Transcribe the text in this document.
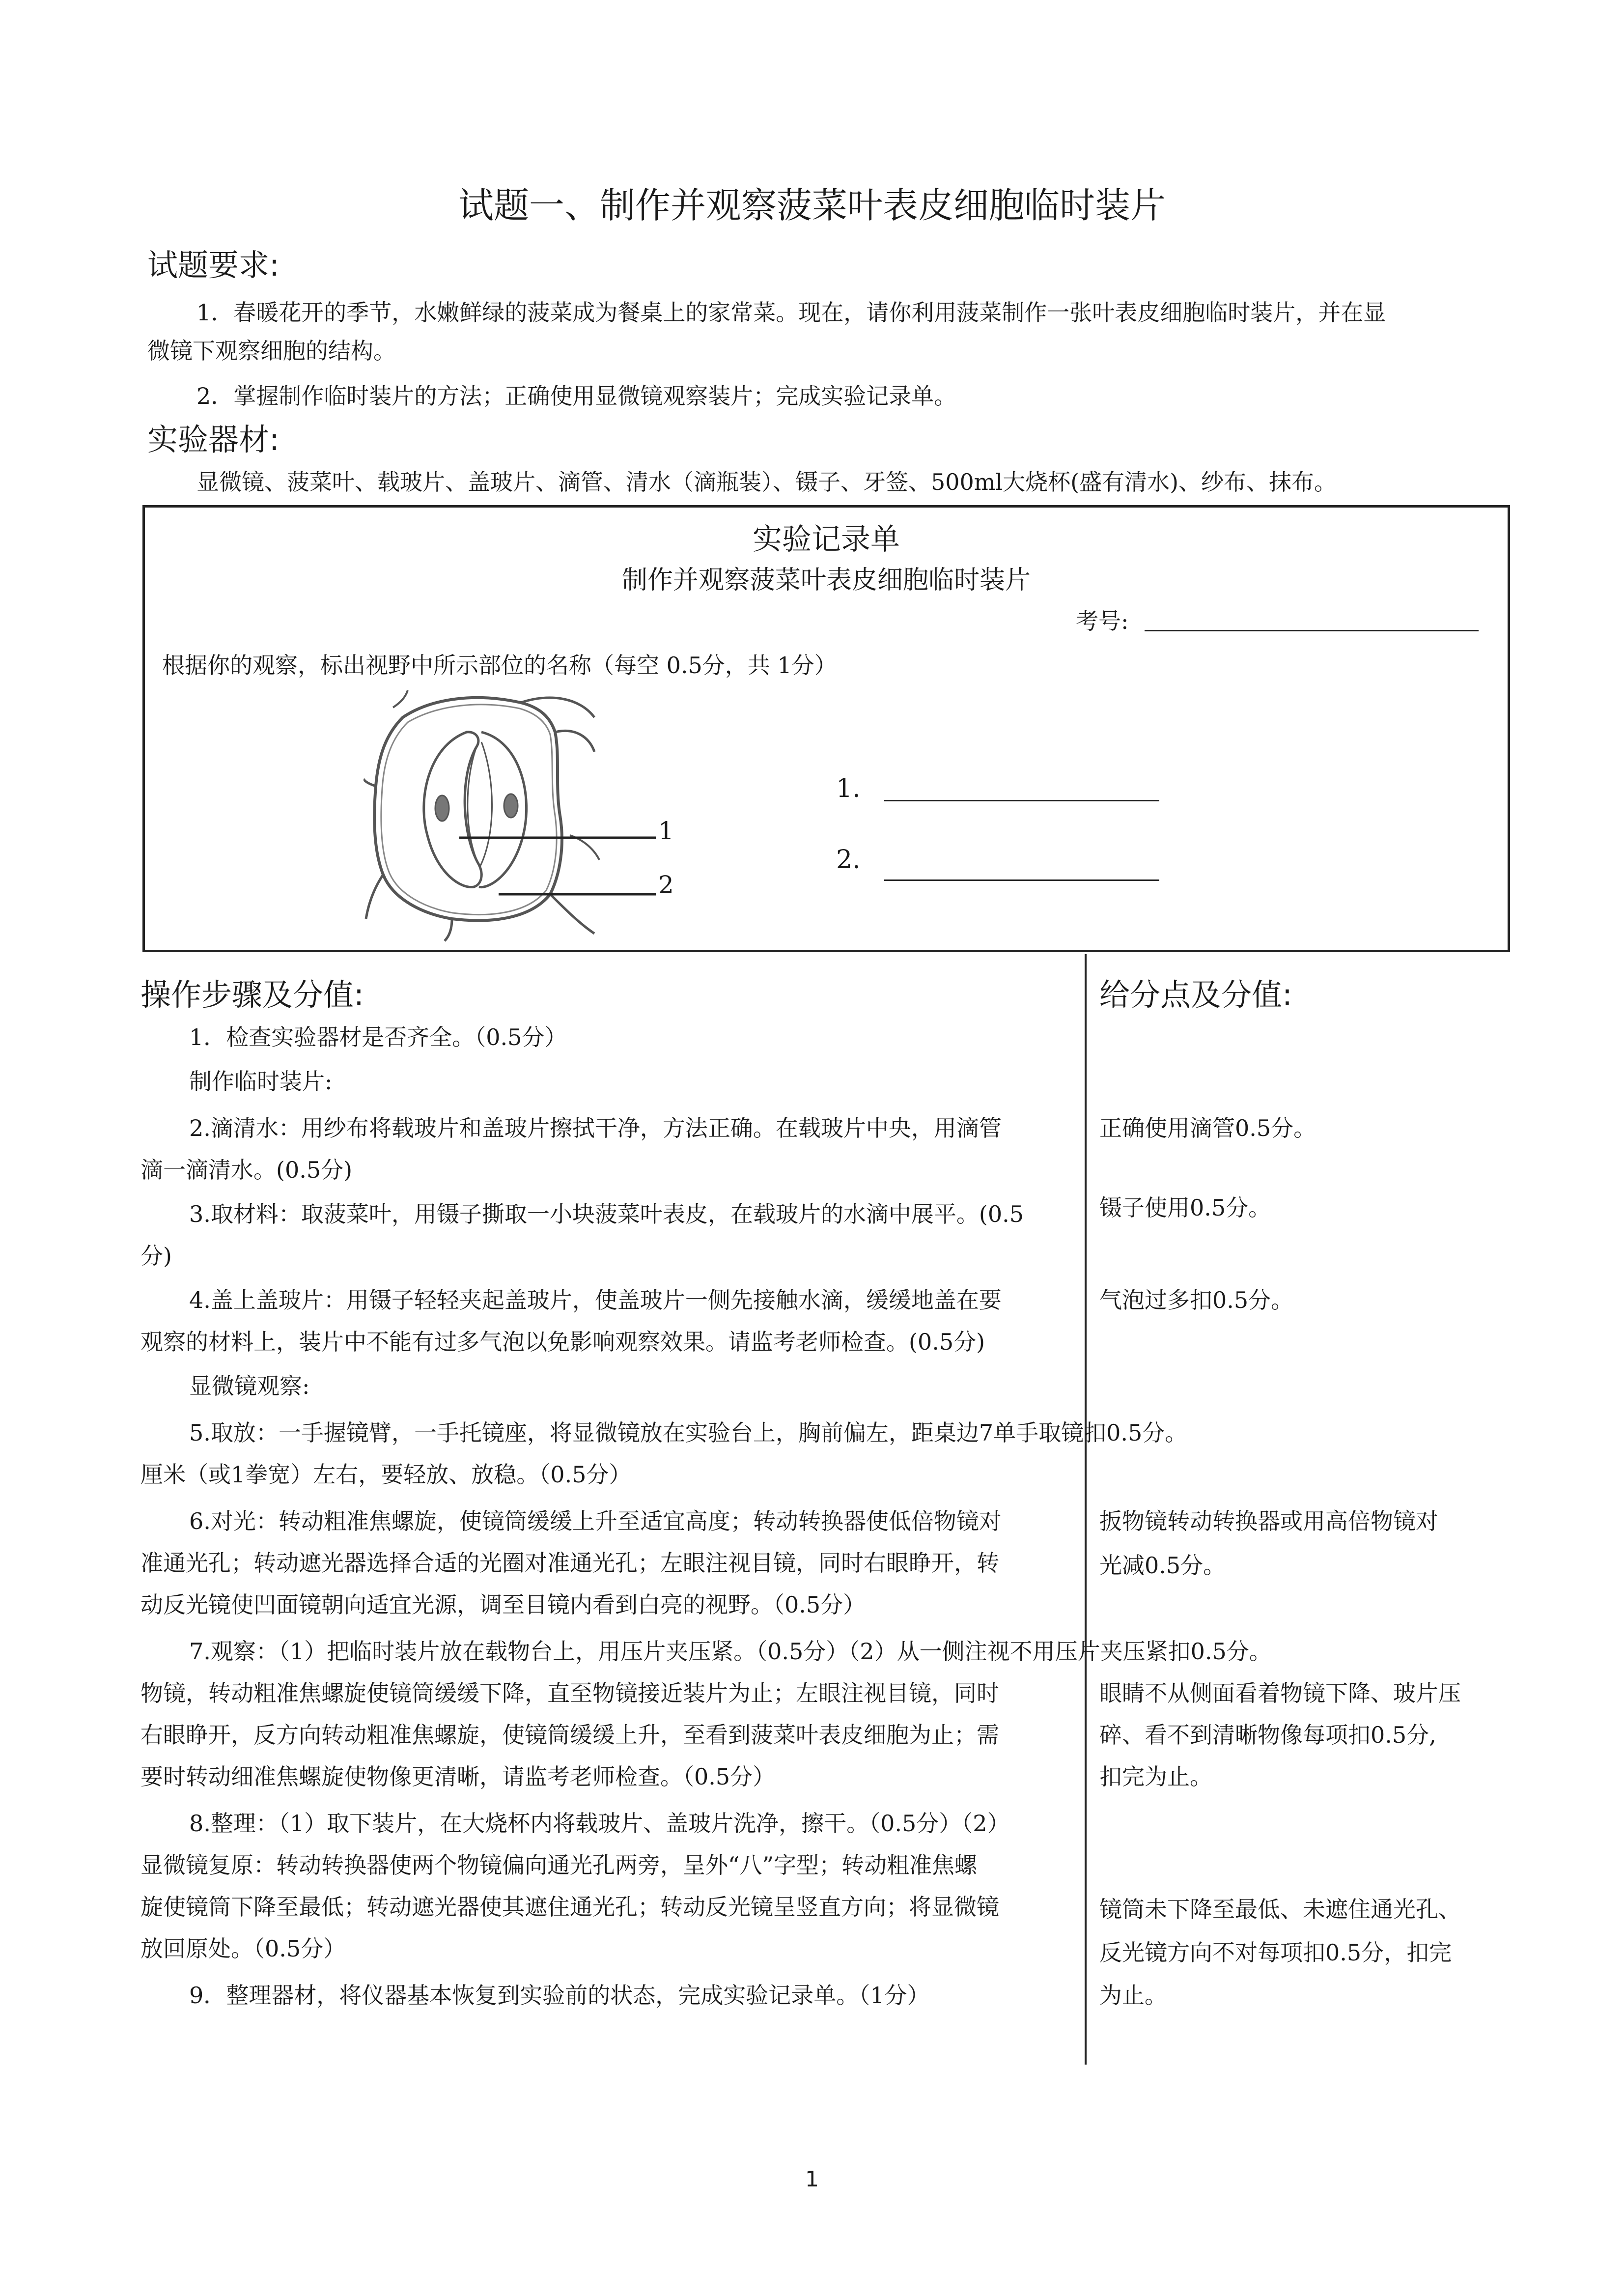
试题一、制作并观察菠菜叶表皮细胞临时装片
试题要求:
1．春暖花开的季节，水嫩鲜绿的菠菜成为餐桌上的家常菜。现在，请你利用菠菜制作一张叶表皮细胞临时装片，并在显
微镜下观察细胞的结构。
2．掌握制作临时装片的方法；正确使用显微镜观察装片；完成实验记录单。
实验器材:
显微镜、菠菜叶、载玻片、盖玻片、滴管、清水（滴瓶装）、镊子、牙签、500ml大烧杯(盛有清水)、纱布、抹布。
实验记录单
制作并观察菠菜叶表皮细胞临时装片
考号:
根据你的观察，标出视野中所示部位的名称（每空 0.5分，共 1分）
1
2
1.
2.
操作步骤及分值:	给分点及分值:
1．检查实验器材是否齐全。（0.5分）
制作临时装片:
2.滴清水：用纱布将载玻片和盖玻片擦拭干净，方法正确。在载玻片中央，用滴管
滴一滴清水。(0.5分)
3.取材料：取菠菜叶，用镊子撕取一小块菠菜叶表皮，在载玻片的水滴中展平。(0.5
分)
4.盖上盖玻片：用镊子轻轻夹起盖玻片，使盖玻片一侧先接触水滴，缓缓地盖在要
观察的材料上，装片中不能有过多气泡以免影响观察效果。请监考老师检查。(0.5分)
显微镜观察:
5.取放：一手握镜臂，一手托镜座，将显微镜放在实验台上，胸前偏左，距桌边7单手取镜扣0.5分。
厘米（或1拳宽）左右，要轻放、放稳。（0.5分）
6.对光：转动粗准焦螺旋，使镜筒缓缓上升至适宜高度；转动转换器使低倍物镜对
准通光孔；转动遮光器选择合适的光圈对准通光孔；左眼注视目镜，同时右眼睁开，转
动反光镜使凹面镜朝向适宜光源，调至目镜内看到白亮的视野。（0.5分）
7.观察：（1）把临时装片放在载物台上，用压片夹压紧。（0.5分）（2）从一侧注视不用压片夹压紧扣0.5分。
物镜，转动粗准焦螺旋使镜筒缓缓下降，直至物镜接近装片为止；左眼注视目镜，同时
右眼睁开，反方向转动粗准焦螺旋，使镜筒缓缓上升，至看到菠菜叶表皮细胞为止；需
要时转动细准焦螺旋使物像更清晰，请监考老师检查。（0.5分）
8.整理：（1）取下装片，在大烧杯内将载玻片、盖玻片洗净，擦干。（0.5分）（2）
显微镜复原：转动转换器使两个物镜偏向通光孔两旁，呈外“八”字型；转动粗准焦螺
旋使镜筒下降至最低；转动遮光器使其遮住通光孔；转动反光镜呈竖直方向；将显微镜
放回原处。（0.5分）
9．整理器材，将仪器基本恢复到实验前的状态，完成实验记录单。（1分）
正确使用滴管0.5分。
镊子使用0.5分。
气泡过多扣0.5分。
扳物镜转动转换器或用高倍物镜对
光减0.5分。
眼睛不从侧面看着物镜下降、玻片压
碎、看不到清晰物像每项扣0.5分,
扣完为止。
镜筒未下降至最低、未遮住通光孔、
反光镜方向不对每项扣0.5分，扣完
为止。
1
